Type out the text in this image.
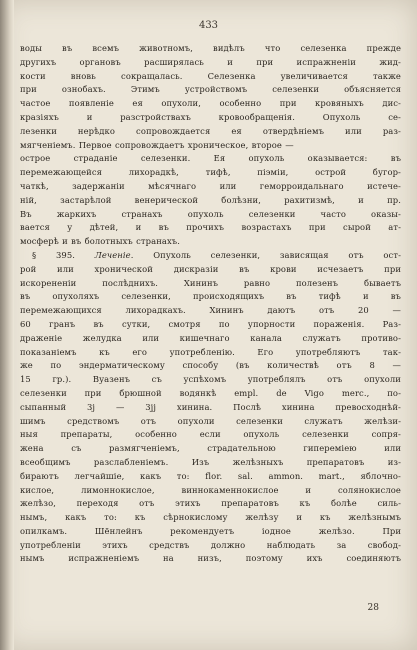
433
воды въ всемъ животномъ, видѣлъ что селезенка прежде
другихъ органовъ расширялась и при испражненіи жид-
кости вновь сокращалась. Селезенка увеличивается также
при ознобахъ. Этимъ устройствомъ селезенки объясняется
частое появленіе ея опухоли, особенно при кровяныхъ дис-
кразіяхъ и разстройствахъ кровообращенія. Опухоль се-
лезенки нерѣдко сопровождается ея отвердѣніемъ или раз-
мягченіемъ. Первое сопровождаетъ хроническое, второе —
острое страданіе селезенки. Ея опухоль оказывается: въ
перемежающейся лихорадкѣ, тифѣ, піэміи, острой бугор-
чаткѣ, задержаніи мѣсячнаго или геморроидальнаго истече-
ній, застарѣлой венерической болѣзни, рахитизмѣ, и пр.
Въ жаркихъ странахъ опухоль селезенки часто оказы-
вается у дѣтей, и въ прочихъ возрастахъ при сырой ат-
мосферѣ и въ болотныхъ странахъ.
§ 395. Леченіе. Опухоль селезенки, зависящая отъ ост-
рой или хронической дискразіи въ крови исчезаетъ при
искорененіи послѣднихъ. Хининъ равно полезенъ бываетъ
въ опухоляхъ селезенки, происходящихъ въ тифѣ и въ
перемежающихся лихорадкахъ. Хининъ даютъ отъ 20 —
60 гранъ въ сутки, смотря по упорности пораженія. Раз-
драженіе желудка или кишечнаго канала служатъ противо-
показаніемъ къ его употребленію. Его употребляютъ так-
же по эндерматическому способу (въ количествѣ отъ 8 —
15 гр.). Вуазенъ съ успѣхомъ употреблялъ отъ опухоли
селезенки при брюшной водянкѣ empl. de Vigo merc., по-
сыпанный 3j — 3jj хинина. Послѣ хинина превосходнѣй-
шимъ средствомъ отъ опухоли селезенки служатъ желѣзи-
ныя препараты, особенно если опухоль селезенки сопря-
жена съ размягченіемъ, страдательною гипереміею или
всеобщимъ разслабленіемъ. Изъ желѣзныхъ препаратовъ из-
бираютъ легчайшіе, какъ то: flor. sal. ammon. mart., яблочно-
кислое, лимоннокислое, виннокаменнокислое и солянокислое
желѣзо, переходя отъ этихъ препаратовъ къ болѣе силь-
нымъ, какъ то: къ сѣрнокислому желѣзу и къ желѣзнымъ
опилкамъ. Шёнлейнъ рекомендуетъ іодное желѣзо. При
употребленіи этихъ средствъ должно наблюдать за свобод-
нымъ испражненіемъ на низъ, поэтому ихъ соединяютъ
28
